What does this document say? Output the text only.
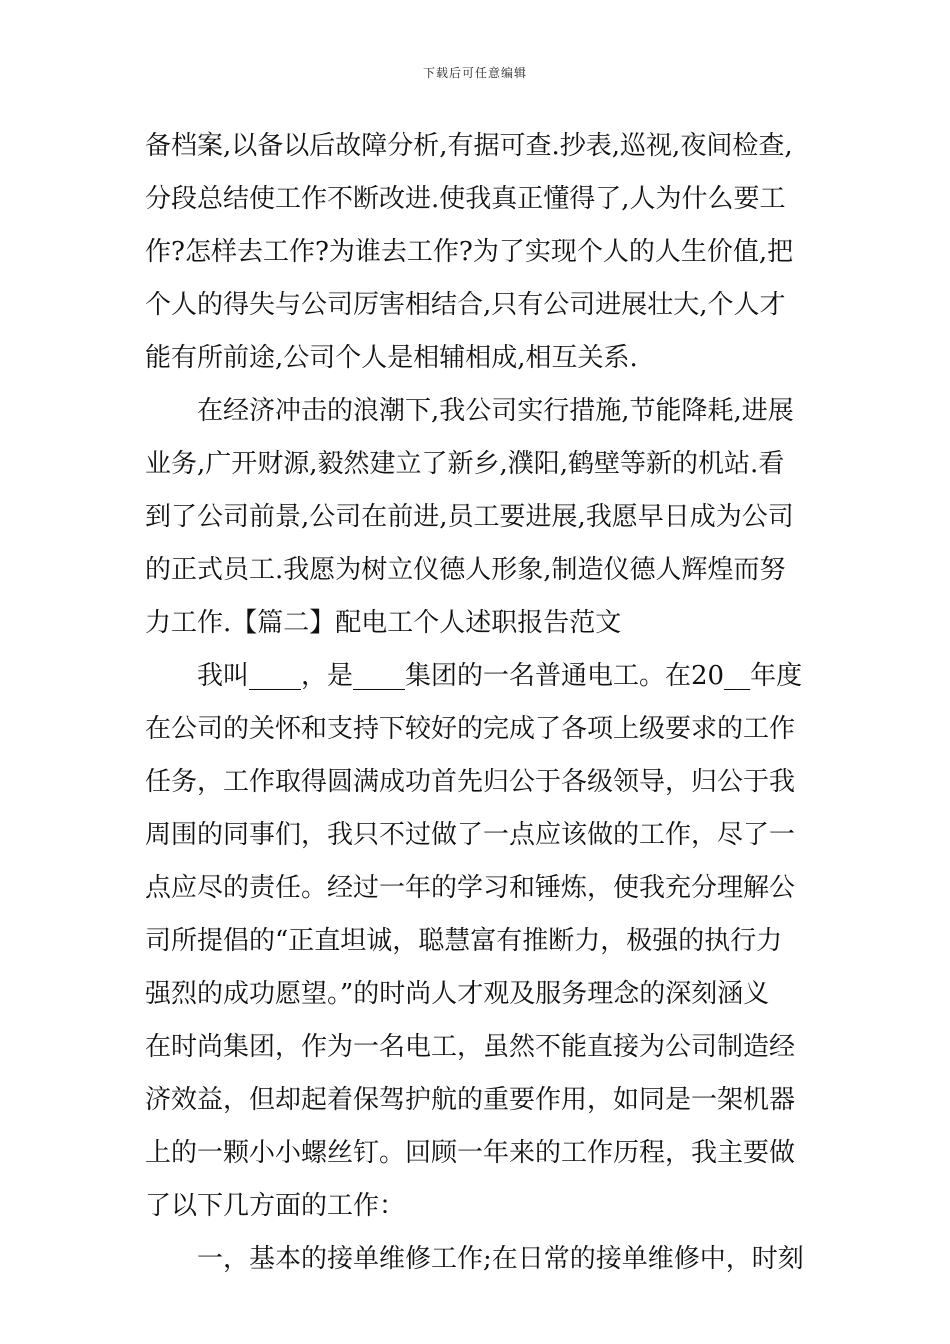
下载后可任意编辑
备档案,以备以后故障分析,有据可查.抄表,巡视,夜间检查,
分段总结使工作不断改进.使我真正懂得了,人为什么要工
作?怎样去工作?为谁去工作?为了实现个人的人生价值,把
个人的得失与公司厉害相结合,只有公司进展壮大,个人才
能有所前途,公司个人是相辅相成,相互关系.
在经济冲击的浪潮下,我公司实行措施,节能降耗,进展
业务,广开财源,毅然建立了新乡,濮阳,鹤壁等新的机站.看
到了公司前景,公司在前进,员工要进展,我愿早日成为公司
的正式员工.我愿为树立仪德人形象,制造仪德人辉煌而努
力工作.【篇二】配电工个人述职报告范文
我叫____，是____集团的一名普通电工。在20__年度
在公司的关怀和支持下较好的完成了各项上级要求的工作
任务，工作取得圆满成功首先归公于各级领导，归公于我
周围的同事们，我只不过做了一点应该做的工作，尽了一
点应尽的责任。经过一年的学习和锤炼，使我充分理解公
司所提倡的“正直坦诚，聪慧富有推断力，极强的执行力
强烈的成功愿望。”的时尚人才观及服务理念的深刻涵义
在时尚集团，作为一名电工，虽然不能直接为公司制造经
济效益，但却起着保驾护航的重要作用，如同是一架机器
上的一颗小小螺丝钉。回顾一年来的工作历程，我主要做
了以下几方面的工作：
一，基本的接单维修工作;在日常的接单维修中，时刻
